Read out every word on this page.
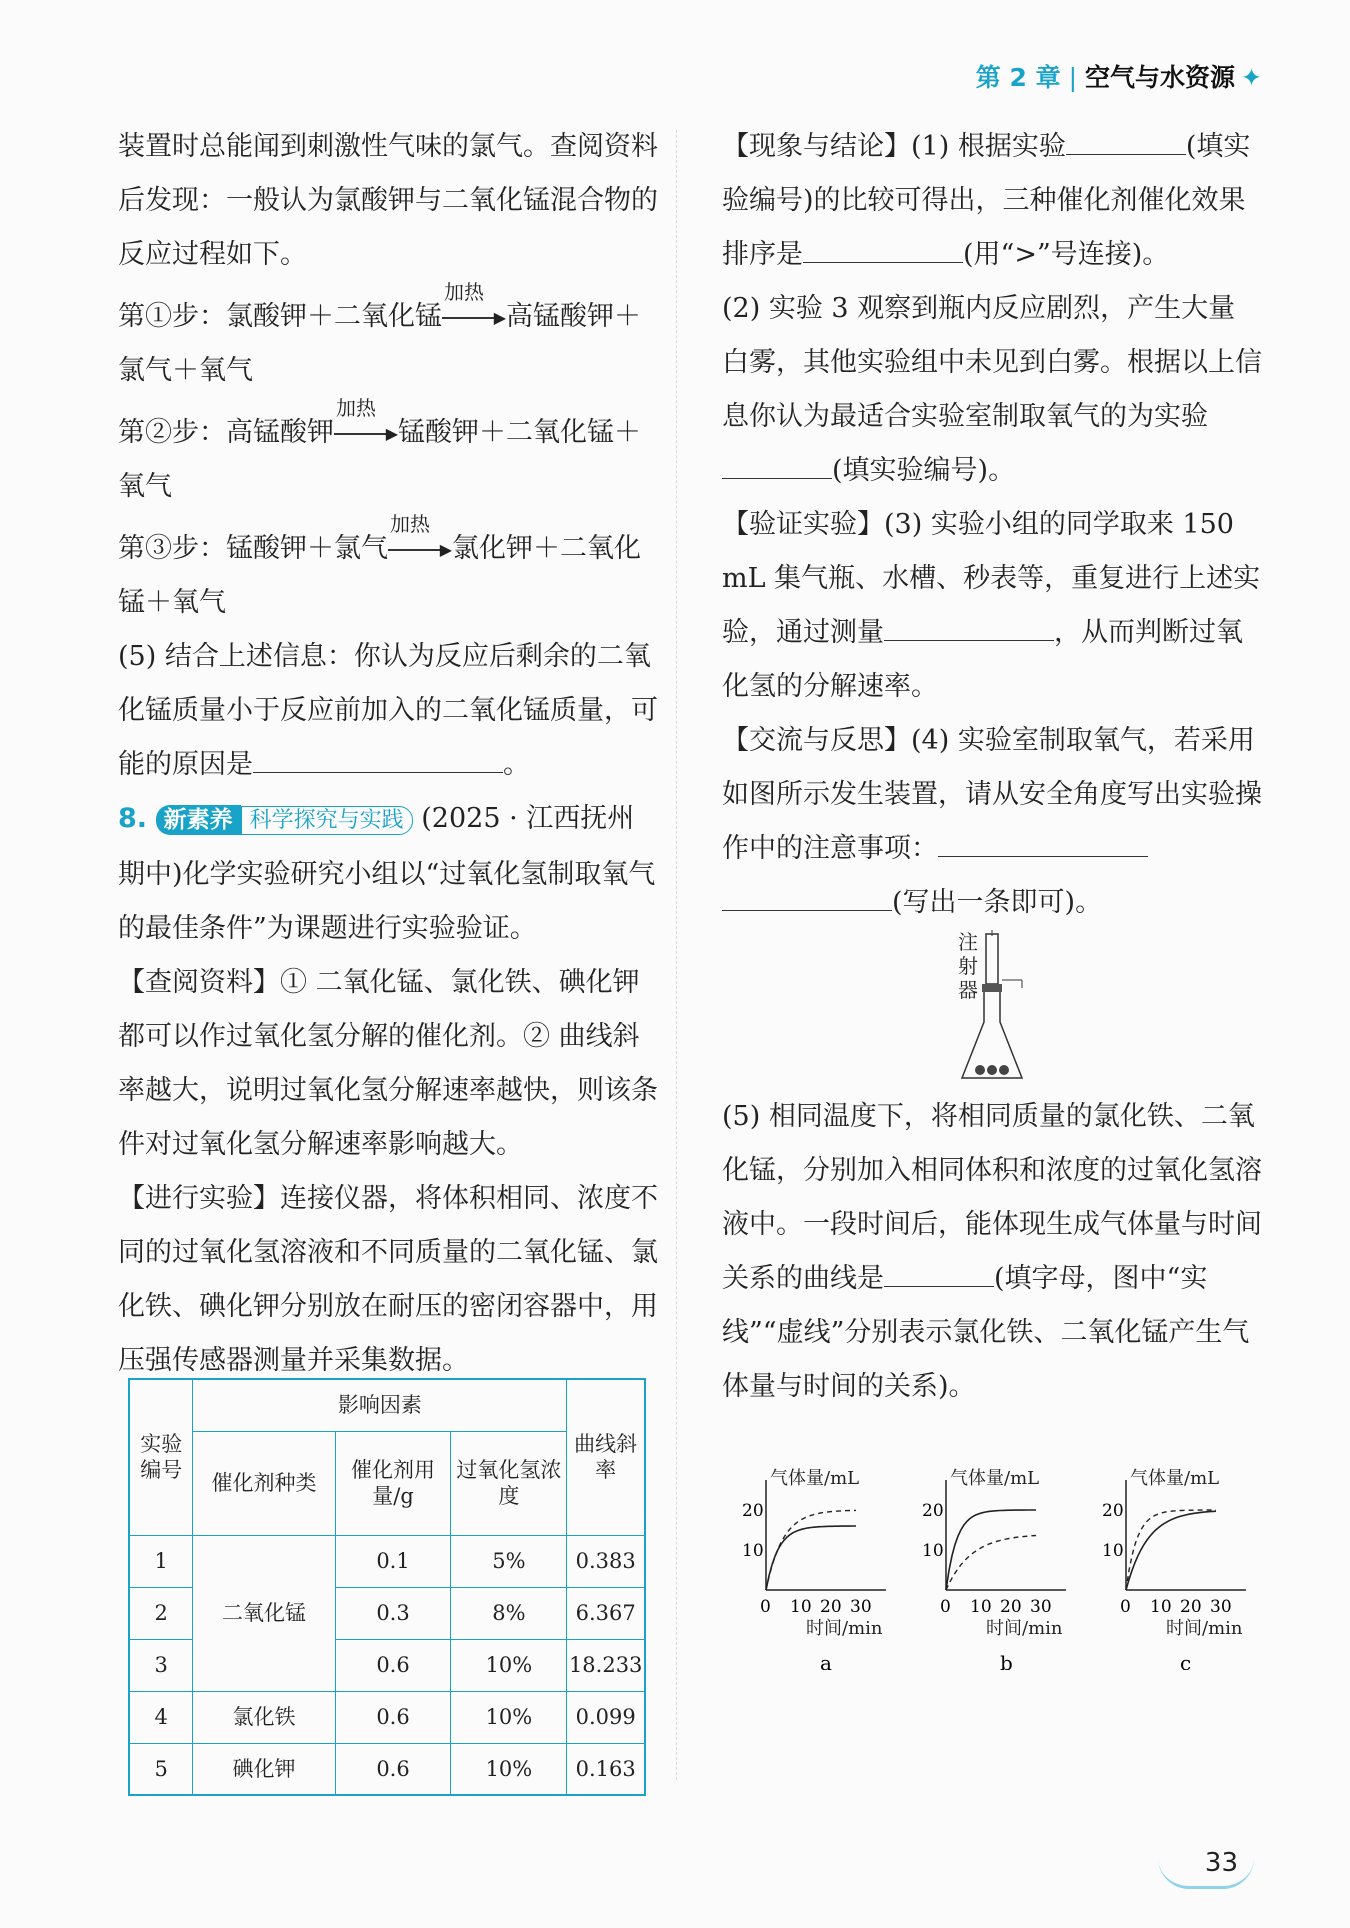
第 2 章 | 空气与水资源 ✦

装置时总能闻到刺激性气味的氯气。查阅资料后发现：一般认为氯酸钾与二氧化锰混合物的反应过程如下。

第①步：氯酸钾＋二氧化锰
加热
▶ 高锰酸钾＋氯气＋氧气

第②步：高锰酸钾
加热
▶ 锰酸钾＋二氧化锰＋氧气

第③步：锰酸钾＋氯气
加热
▶ 氯化钾＋二氧化锰＋氧气

(5) 结合上述信息：你认为反应后剩余的二氧化锰质量小于反应前加入的二氧化锰质量，可能的原因是	。

8. 新素养 科学探究与实践 (2025 · 江西抚州期中)化学实验研究小组以“过氧化氢制取氧气的最佳条件”为课题进行实验验证。

【查阅资料】① 二氧化锰、氯化铁、碘化钾都可以作过氧化氢分解的催化剂。② 曲线斜率越大，说明过氧化氢分解速率越快，则该条件对过氧化氢分解速率影响越大。

【进行实验】连接仪器，将体积相同、浓度不同的过氧化氢溶液和不同质量的二氧化锰、氯化铁、碘化钾分别放在耐压的密闭容器中，用压强传感器测量并采集数据。

实验编号	影响因素			曲线斜率
	催化剂种类	催化剂用量/g	过氧化氢浓度	
1	二氧化锰	0.1	5%	0.383
2		0.3	8%	6.367
3		0.6	10%	18.233
4	氯化铁	0.6	10%	0.099
5	碘化钾	0.6	10%	0.163

【现象与结论】(1) 根据实验	(填实验编号)的比较可得出，三种催化剂催化效果排序是	(用“>”号连接)。

(2) 实验 3 观察到瓶内反应剧烈，产生大量白雾，其他实验组中未见到白雾。根据以上信息你认为最适合实验室制取氧气的为实验(填实验编号)。

【验证实验】(3) 实验小组的同学取来 150 mL 集气瓶、水槽、秒表等，重复进行上述实验，通过测量	，从而判断过氧化氢的分解速率。

【交流与反思】(4) 实验室制取氧气，若采用如图所示发生装置，请从安全角度写出实验操作中的注意事项：(写出一条即可)。

注射器

(5) 相同温度下，将相同质量的氯化铁、二氧化锰，分别加入相同体积和浓度的过氧化氢溶液中。一段时间后，能体现生成气体量与时间关系的曲线是	(填字母，图中“实线”“虚线”分别表示氯化铁、二氧化锰产生气体量与时间的关系)。

气体量/mL
时间/min
10
20
0 10 20 30
a
气体量/mL
时间/min
10
20
0 10 20 30
b
气体量/mL
时间/min
10
20
0 10 20 30
c
33
